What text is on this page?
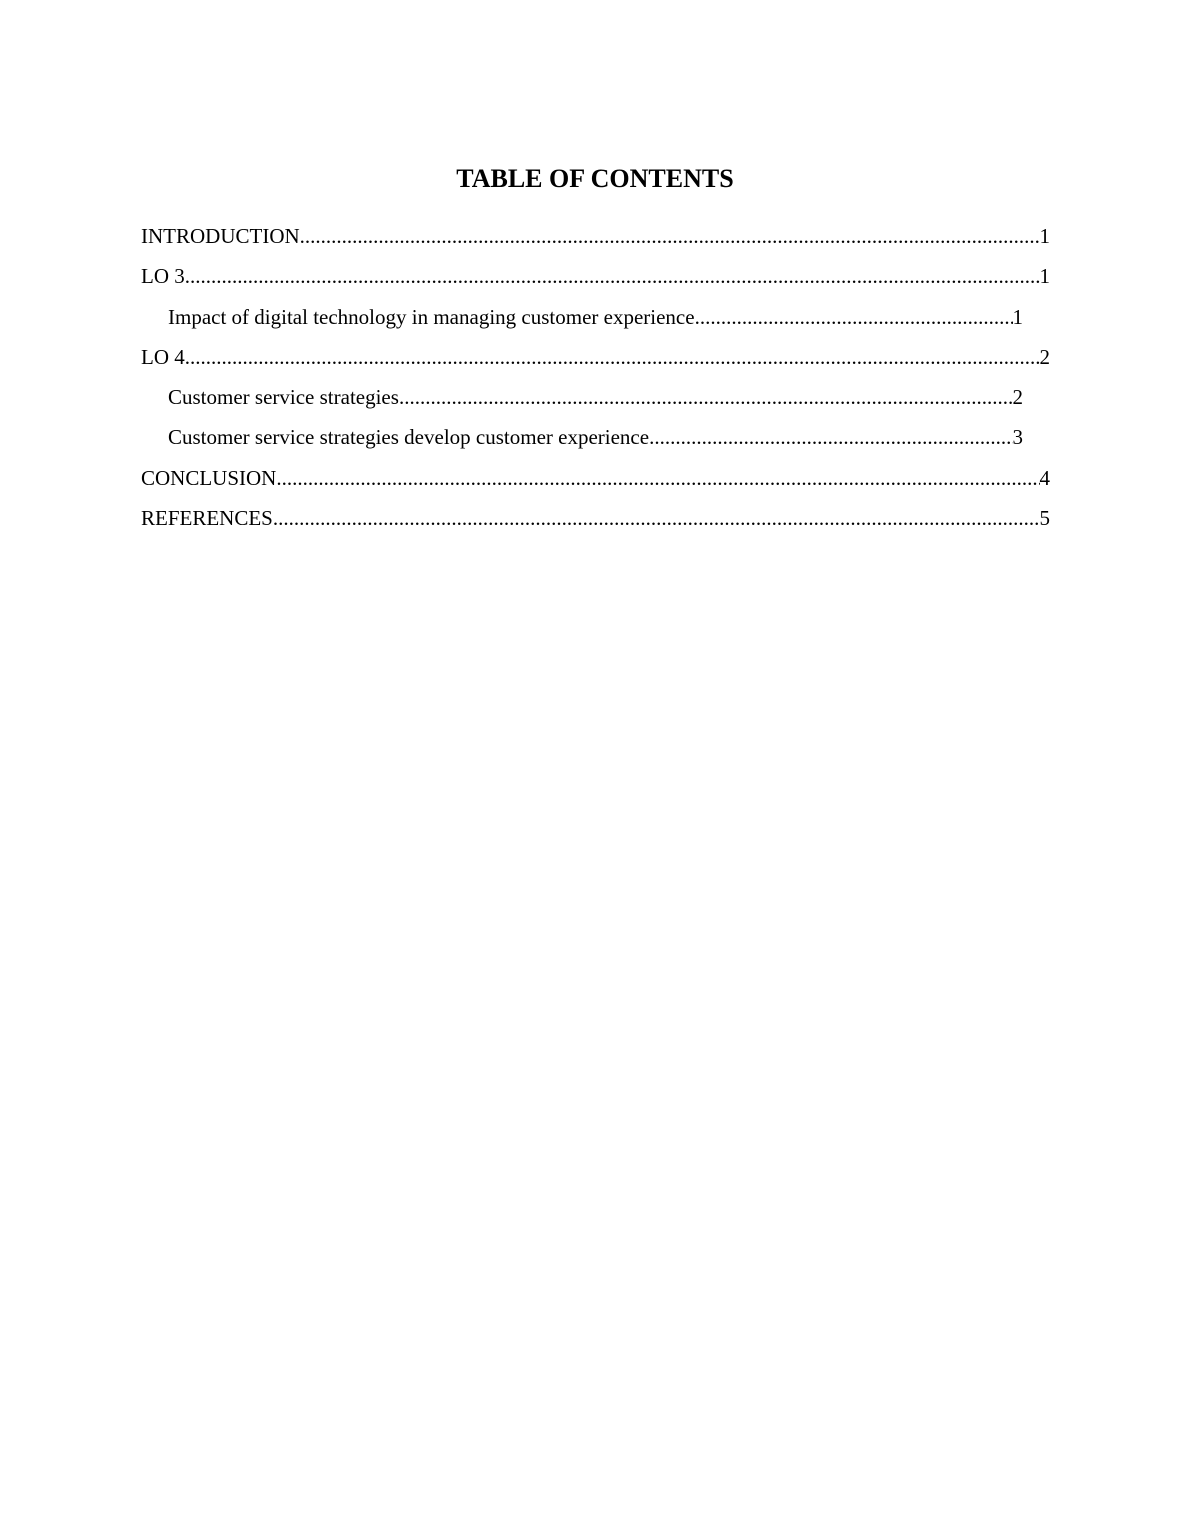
TABLE OF CONTENTS
INTRODUCTION .....	1
LO 3 .....	1
Impact of digital technology in managing customer experience .....	1
LO 4 .....	2
Customer service strategies .....	2
Customer service strategies develop customer experience .....	3
CONCLUSION .....	4
REFERENCES .....	5
